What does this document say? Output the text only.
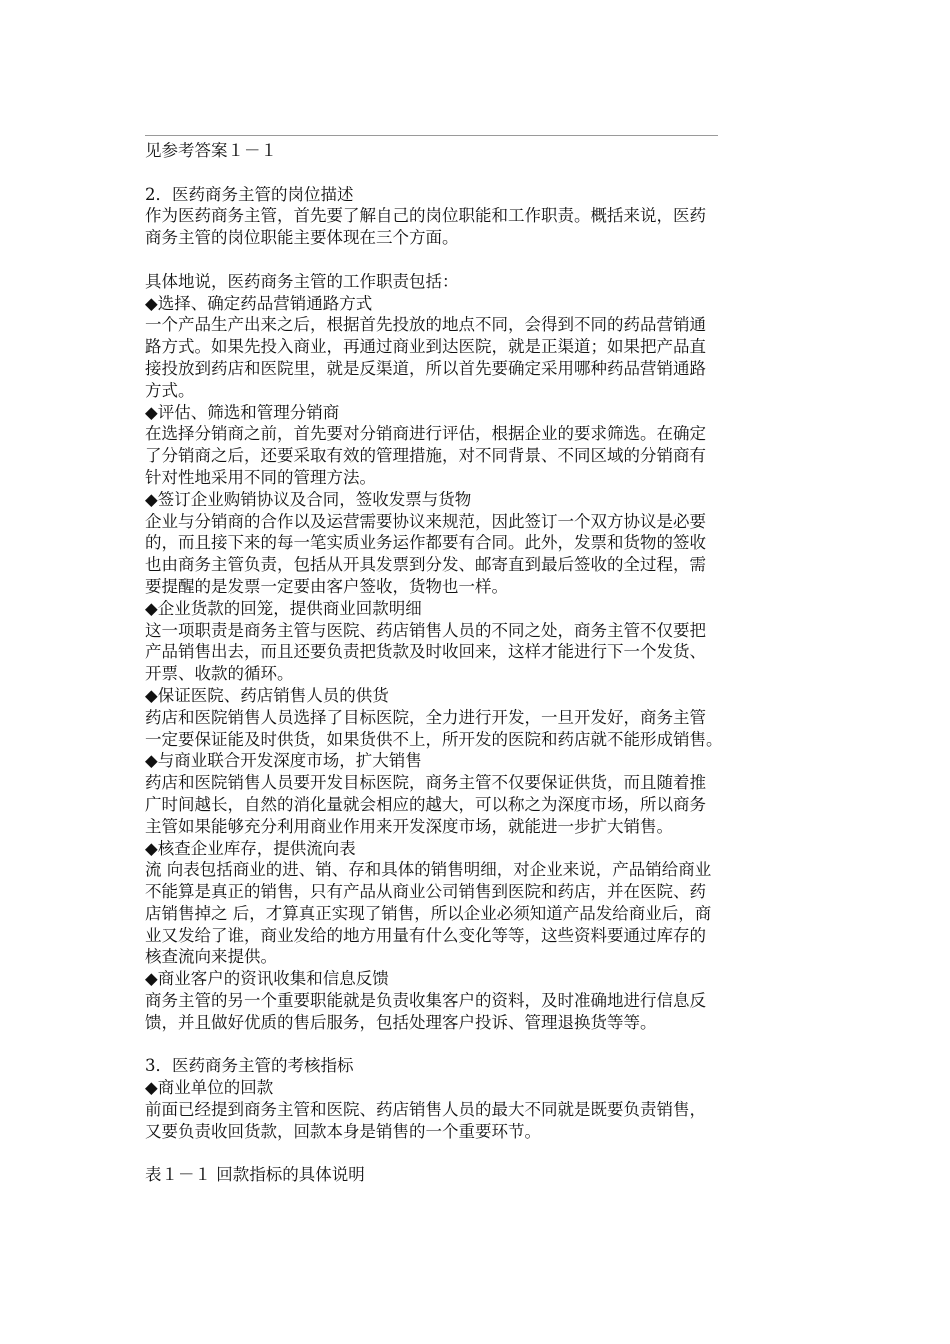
见参考答案１－１
2．医药商务主管的岗位描述
作为医药商务主管，首先要了解自己的岗位职能和工作职责。概括来说，医药
商务主管的岗位职能主要体现在三个方面。
具体地说，医药商务主管的工作职责包括：
◆选择、确定药品营销通路方式
一个产品生产出来之后，根据首先投放的地点不同，会得到不同的药品营销通
路方式。如果先投入商业，再通过商业到达医院，就是正渠道；如果把产品直
接投放到药店和医院里，就是反渠道，所以首先要确定采用哪种药品营销通路
方式。
◆评估、筛选和管理分销商
在选择分销商之前，首先要对分销商进行评估，根据企业的要求筛选。在确定
了分销商之后，还要采取有效的管理措施，对不同背景、不同区域的分销商有
针对性地采用不同的管理方法。
◆签订企业购销协议及合同，签收发票与货物
企业与分销商的合作以及运营需要协议来规范，因此签订一个双方协议是必要
的，而且接下来的每一笔实质业务运作都要有合同。此外，发票和货物的签收
也由商务主管负责，包括从开具发票到分发、邮寄直到最后签收的全过程，需
要提醒的是发票一定要由客户签收，货物也一样。
◆企业货款的回笼，提供商业回款明细
这一项职责是商务主管与医院、药店销售人员的不同之处，商务主管不仅要把
产品销售出去，而且还要负责把货款及时收回来，这样才能进行下一个发货、
开票、收款的循环。
◆保证医院、药店销售人员的供货
药店和医院销售人员选择了目标医院，全力进行开发，一旦开发好，商务主管
一定要保证能及时供货，如果货供不上，所开发的医院和药店就不能形成销售。
◆与商业联合开发深度市场，扩大销售
药店和医院销售人员要开发目标医院，商务主管不仅要保证供货，而且随着推
广时间越长，自然的消化量就会相应的越大，可以称之为深度市场，所以商务
主管如果能够充分利用商业作用来开发深度市场，就能进一步扩大销售。
◆核查企业库存，提供流向表
流 向表包括商业的进、销、存和具体的销售明细，对企业来说，产品销给商业
不能算是真正的销售，只有产品从商业公司销售到医院和药店，并在医院、药
店销售掉之 后，才算真正实现了销售，所以企业必须知道产品发给商业后，商
业又发给了谁，商业发给的地方用量有什么变化等等，这些资料要通过库存的
核查流向来提供。
◆商业客户的资讯收集和信息反馈
商务主管的另一个重要职能就是负责收集客户的资料，及时准确地进行信息反
馈，并且做好优质的售后服务，包括处理客户投诉、管理退换货等等。
3．医药商务主管的考核指标
◆商业单位的回款
前面已经提到商务主管和医院、药店销售人员的最大不同就是既要负责销售，
又要负责收回货款，回款本身是销售的一个重要环节。
表１－１ 回款指标的具体说明
